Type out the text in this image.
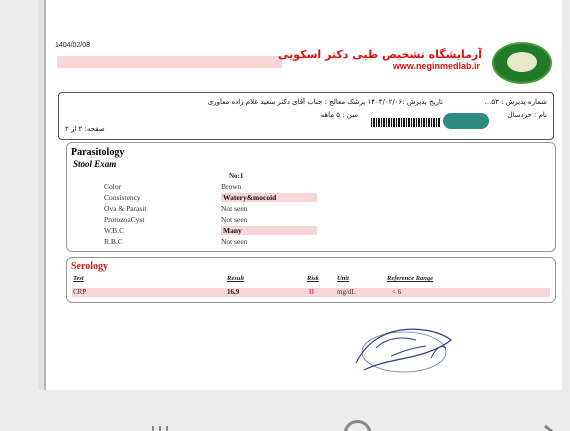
1404/02/08
آزمایشگاه تشخیص طبی دکتر اسکویی
www.neginmedlab.ir
شماره پذیرش : ۵۳...
تاریخ پذیرش :۱۴۰۴/۰۲/۰۶ پزشک معالج : جناب آقای دکتر سعید غلام زاده معاوری
نام : خردسال
سن : ۵ ماهه
صفحه: ۲ از ۲
Parasitology
Stool Exam
No:1
Color	Brown
Consistency	Watery&mocoid
Ova & Parasit	Not seen
ProtozoaCyst	Not seen
W.B.C	Many
R.B.C	Not seen
Serology
Test	Result	Risk	Unit	Reference Range
CRP	16.9	H	mg/dL	< 6
